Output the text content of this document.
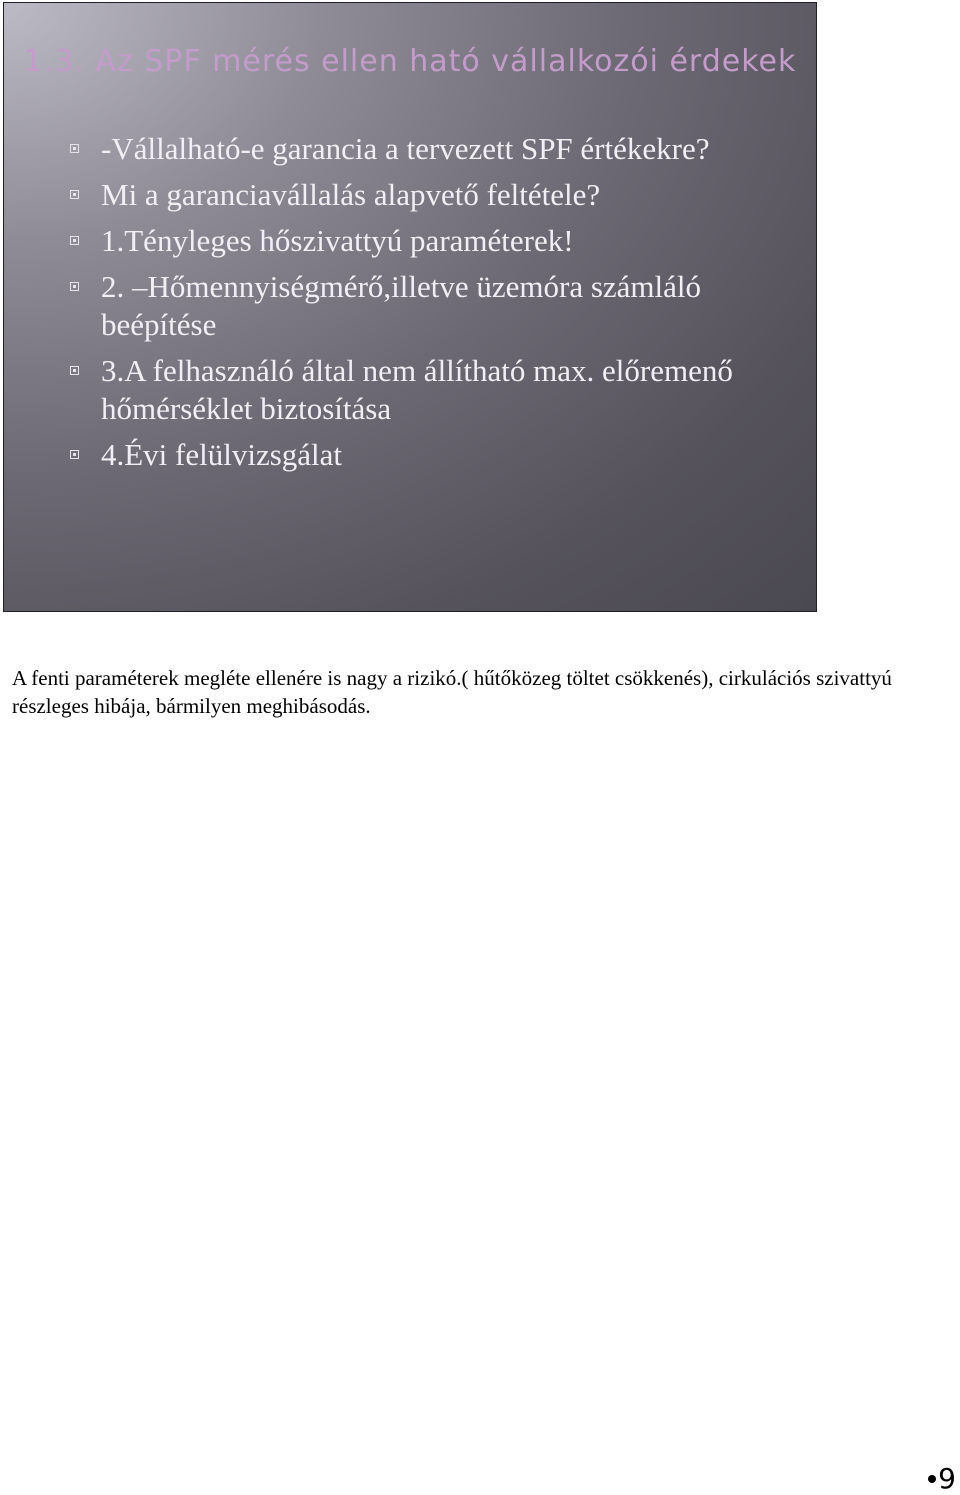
1.3. Az SPF mérés ellen ható vállalkozói érdekek
-Vállalható-e garancia a tervezett SPF értékekre?
Mi a garanciavállalás alapvető feltétele?
1.Tényleges hőszivattyú paraméterek!
2. –Hőmennyiségmérő,illetve üzemóra számláló beépítése
3.A felhasználó által nem állítható max. előremenő hőmérséklet biztosítása
4.Évi felülvizsgálat

A fenti paraméterek megléte ellenére is nagy a rizikó.( hűtőközeg töltet csökkenés), cirkulációs szivattyú részleges hibája, bármilyen meghibásodás.

9
